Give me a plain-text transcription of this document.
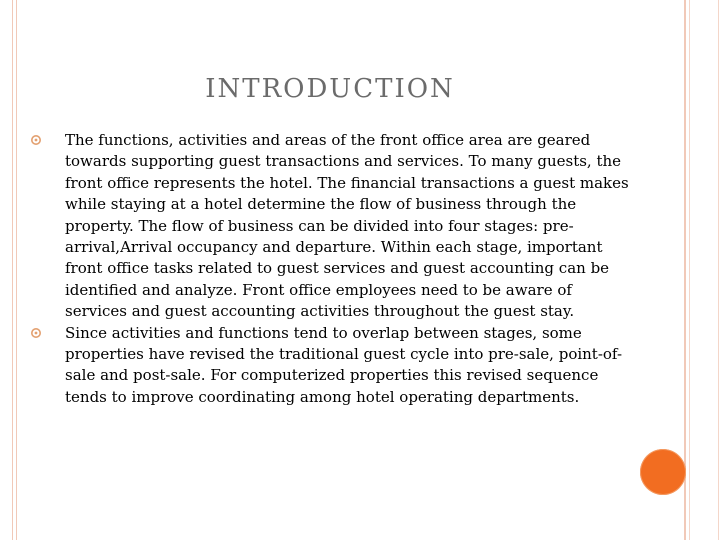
INTRODUCTION
The functions, activities and areas of the front office area are geared towards supporting guest transactions and services. To many guests, the front office represents the hotel. The financial transactions a guest makes while staying at a hotel determine the flow of business through the property. The flow of business can be divided into four stages: pre-arrival,Arrival occupancy and departure. Within each stage, important front office tasks related to guest services and guest accounting can be identified and analyze. Front office employees need to be aware of services and guest accounting activities throughout the guest stay.
Since activities and functions tend to overlap between stages, some properties have revised the traditional guest cycle into pre-sale, point-of-sale and post-sale. For computerized properties this revised sequence tends to improve coordinating among hotel operating departments.
